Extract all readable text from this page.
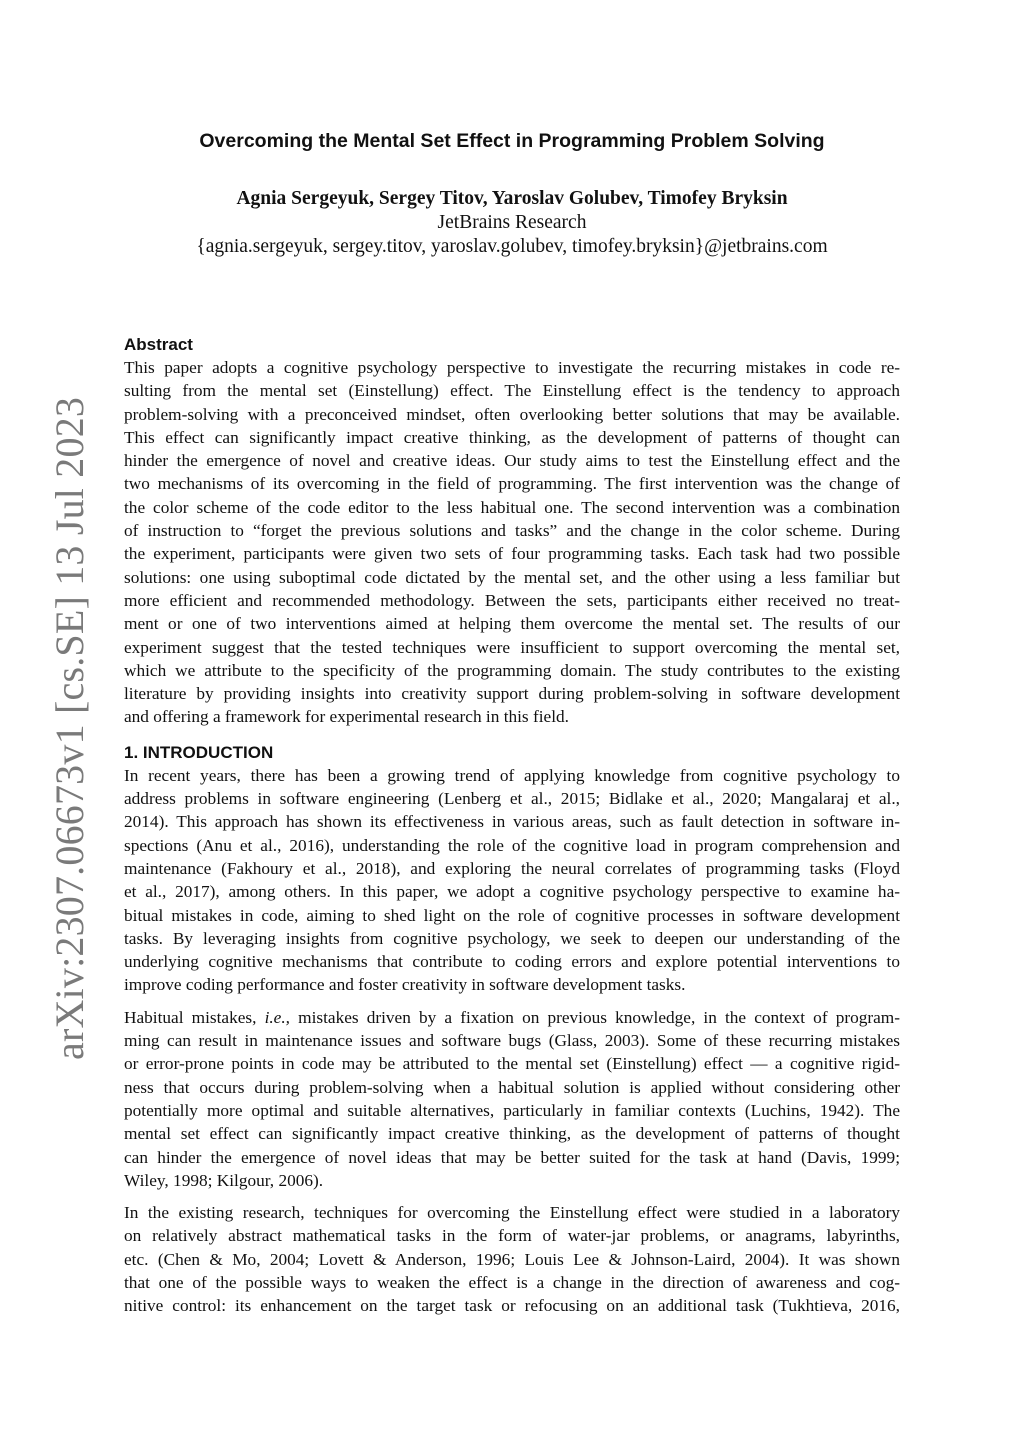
arXiv:2307.06673v1 [cs.SE] 13 Jul 2023
Overcoming the Mental Set Effect in Programming Problem Solving
Agnia Sergeyuk, Sergey Titov, Yaroslav Golubev, Timofey Bryksin
JetBrains Research
{agnia.sergeyuk, sergey.titov, yaroslav.golubev, timofey.bryksin}@jetbrains.com
Abstract
This paper adopts a cognitive psychology perspective to investigate the recurring mistakes in code re-
sulting from the mental set (Einstellung) effect. The Einstellung effect is the tendency to approach
problem-solving with a preconceived mindset, often overlooking better solutions that may be available.
This effect can significantly impact creative thinking, as the development of patterns of thought can
hinder the emergence of novel and creative ideas. Our study aims to test the Einstellung effect and the
two mechanisms of its overcoming in the field of programming. The first intervention was the change of
the color scheme of the code editor to the less habitual one. The second intervention was a combination
of instruction to “forget the previous solutions and tasks” and the change in the color scheme. During
the experiment, participants were given two sets of four programming tasks. Each task had two possible
solutions: one using suboptimal code dictated by the mental set, and the other using a less familiar but
more efficient and recommended methodology. Between the sets, participants either received no treat-
ment or one of two interventions aimed at helping them overcome the mental set. The results of our
experiment suggest that the tested techniques were insufficient to support overcoming the mental set,
which we attribute to the specificity of the programming domain. The study contributes to the existing
literature by providing insights into creativity support during problem-solving in software development
and offering a framework for experimental research in this field.
1. INTRODUCTION
In recent years, there has been a growing trend of applying knowledge from cognitive psychology to
address problems in software engineering (Lenberg et al., 2015; Bidlake et al., 2020; Mangalaraj et al.,
2014). This approach has shown its effectiveness in various areas, such as fault detection in software in-
spections (Anu et al., 2016), understanding the role of the cognitive load in program comprehension and
maintenance (Fakhoury et al., 2018), and exploring the neural correlates of programming tasks (Floyd
et al., 2017), among others. In this paper, we adopt a cognitive psychology perspective to examine ha-
bitual mistakes in code, aiming to shed light on the role of cognitive processes in software development
tasks. By leveraging insights from cognitive psychology, we seek to deepen our understanding of the
underlying cognitive mechanisms that contribute to coding errors and explore potential interventions to
improve coding performance and foster creativity in software development tasks.
Habitual mistakes, i.e., mistakes driven by a fixation on previous knowledge, in the context of program-
ming can result in maintenance issues and software bugs (Glass, 2003). Some of these recurring mistakes
or error-prone points in code may be attributed to the mental set (Einstellung) effect — a cognitive rigid-
ness that occurs during problem-solving when a habitual solution is applied without considering other
potentially more optimal and suitable alternatives, particularly in familiar contexts (Luchins, 1942). The
mental set effect can significantly impact creative thinking, as the development of patterns of thought
can hinder the emergence of novel ideas that may be better suited for the task at hand (Davis, 1999;
Wiley, 1998; Kilgour, 2006).
In the existing research, techniques for overcoming the Einstellung effect were studied in a laboratory
on relatively abstract mathematical tasks in the form of water-jar problems, or anagrams, labyrinths,
etc. (Chen & Mo, 2004; Lovett & Anderson, 1996; Louis Lee & Johnson-Laird, 2004). It was shown
that one of the possible ways to weaken the effect is a change in the direction of awareness and cog-
nitive control: its enhancement on the target task or refocusing on an additional task (Tukhtieva, 2016,
